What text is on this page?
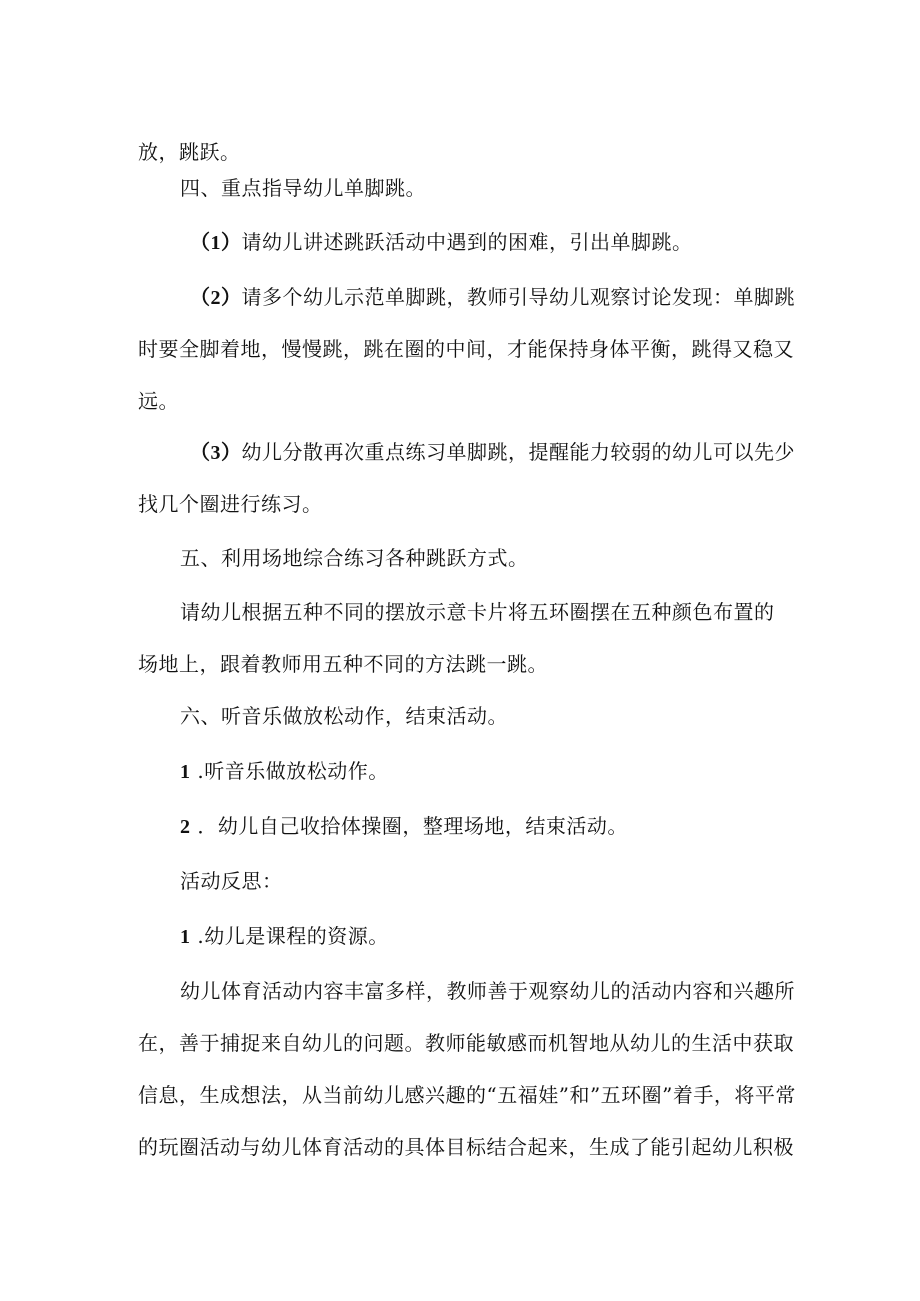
放，跳跃。

四、重点指导幼儿单脚跳。

（1）请幼儿讲述跳跃活动中遇到的困难，引出单脚跳。

（2）请多个幼儿示范单脚跳，教师引导幼儿观察讨论发现：单脚跳
时要全脚着地，慢慢跳，跳在圈的中间，才能保持身体平衡，跳得又稳又
远。

（3）幼儿分散再次重点练习单脚跳，提醒能力较弱的幼儿可以先少
找几个圈进行练习。

五、利用场地综合练习各种跳跃方式。

请幼儿根据五种不同的摆放示意卡片将五环圈摆在五种颜色布置的
场地上，跟着教师用五种不同的方法跳一跳。

六、听音乐做放松动作，结束活动。

1 .听音乐做放松动作。

2 ．幼儿自己收拾体操圈，整理场地，结束活动。

活动反思：

1 .幼儿是课程的资源。

幼儿体育活动内容丰富多样，教师善于观察幼儿的活动内容和兴趣所
在，善于捕捉来自幼儿的问题。教师能敏感而机智地从幼儿的生活中获取
信息，生成想法，从当前幼儿感兴趣的“五福娃”和”五环圈”着手，将平常
的玩圈活动与幼儿体育活动的具体目标结合起来，生成了能引起幼儿积极
